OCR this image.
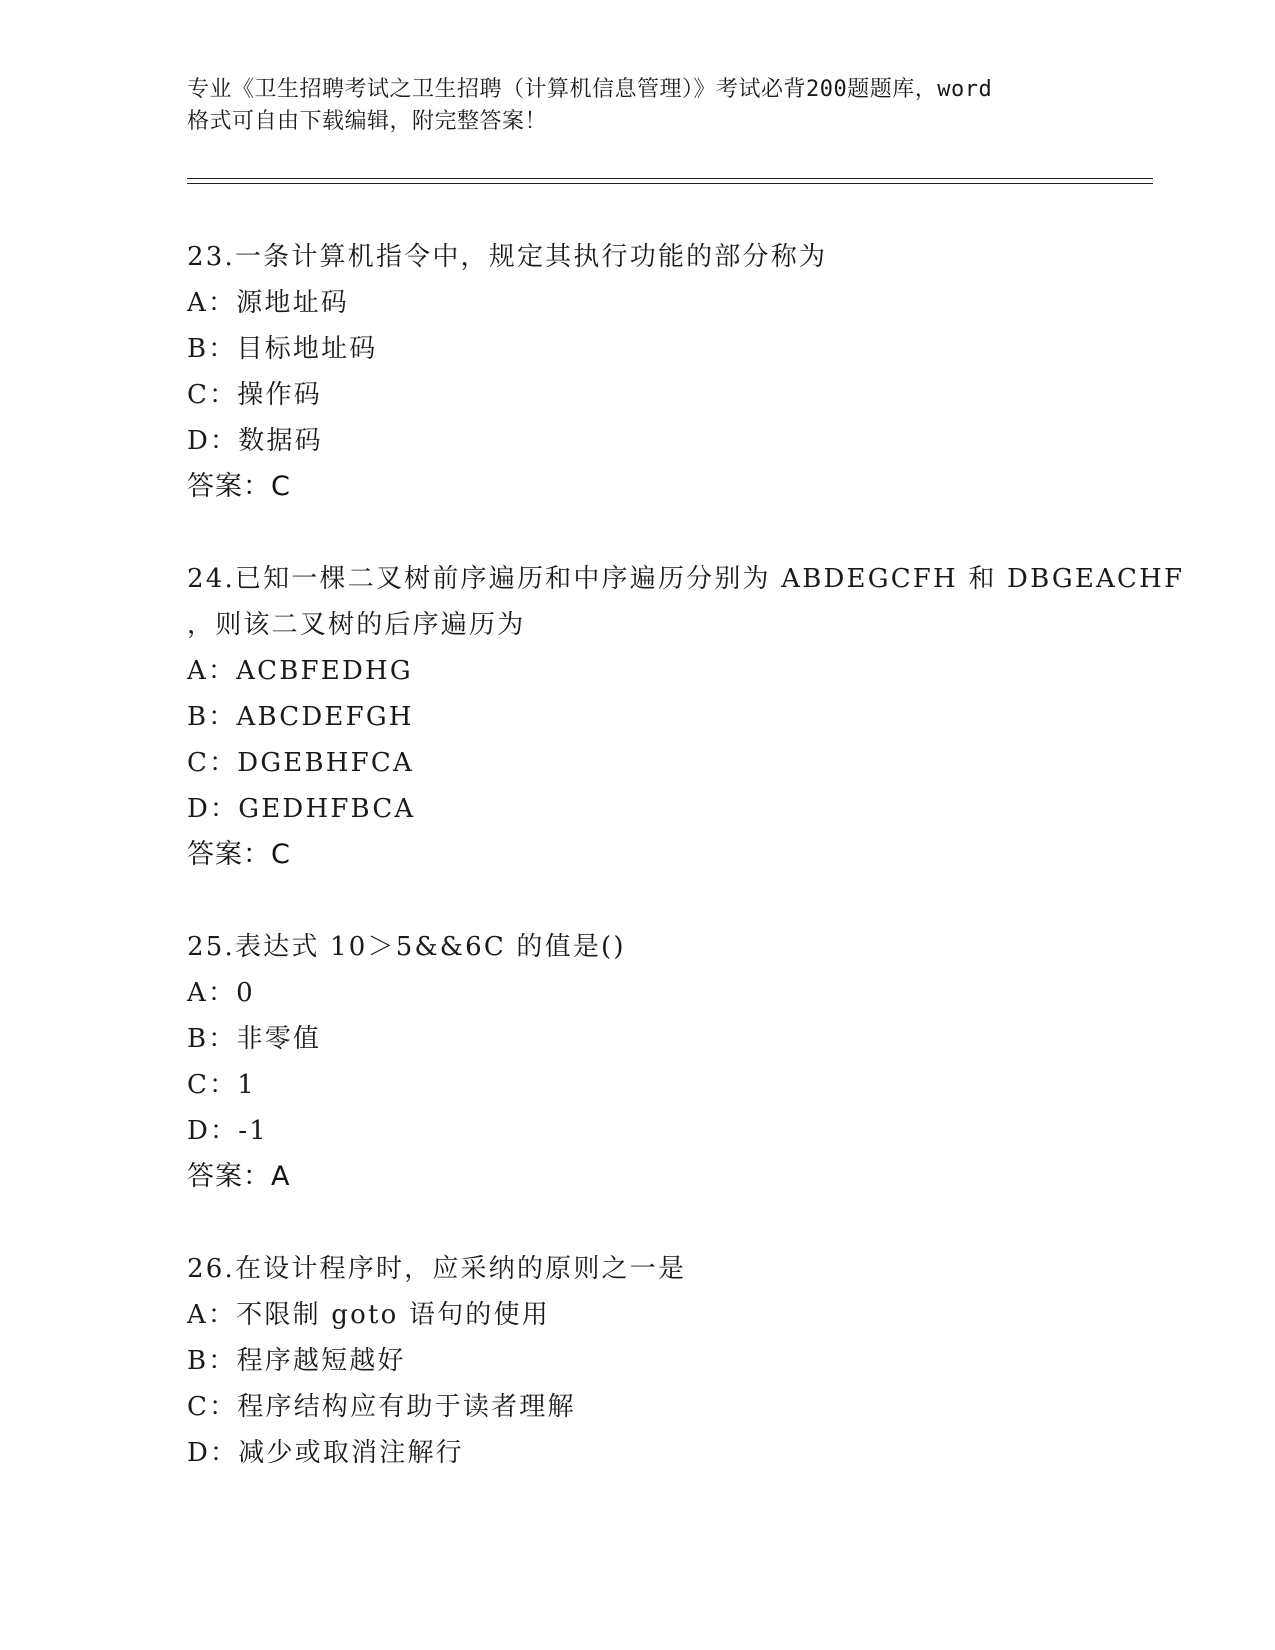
专业《卫生招聘考试之卫生招聘（计算机信息管理）》考试必背200题题库，word
格式可自由下载编辑，附完整答案！
23.一条计算机指令中，规定其执行功能的部分称为
A：源地址码
B：目标地址码
C：操作码
D：数据码
答案：C
24.已知一棵二叉树前序遍历和中序遍历分别为 ABDEGCFH 和 DBGEACHF
，则该二叉树的后序遍历为
A：ACBFEDHG
B：ABCDEFGH
C：DGEBHFCA
D：GEDHFBCA
答案：C
25.表达式 10＞5&&6C 的值是()
A：0
B：非零值
C：1
D：-1
答案：A
26.在设计程序时，应采纳的原则之一是
A：不限制 goto 语句的使用
B：程序越短越好
C：程序结构应有助于读者理解
D：减少或取消注解行
